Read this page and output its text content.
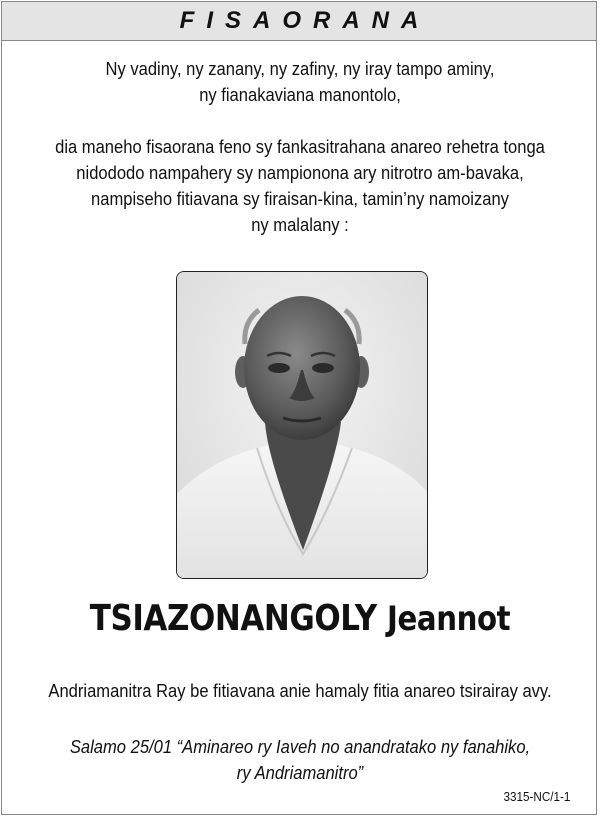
FISAORANA

Ny vadiny, ny zanany, ny zafiny, ny iray tampo aminy,

ny fianakaviana manontolo,

dia maneho fisaorana feno sy fankasitrahana anareo rehetra tonga

nidododo nampahery sy nampionona ary nitrotro am-bavaka,

nampiseho fitiavana sy firaisan-kina, tamin’ny namoizany

ny malalany :

TSIAZONANGOLY Jeannot
Andriamanitra Ray be fitiavana anie hamaly fitia anareo tsirairay avy.
Salamo 25/01 “Aminareo ry Iaveh no anandratako ny fanahiko,
ry Andriamanitro”
3315-NC/1-1
